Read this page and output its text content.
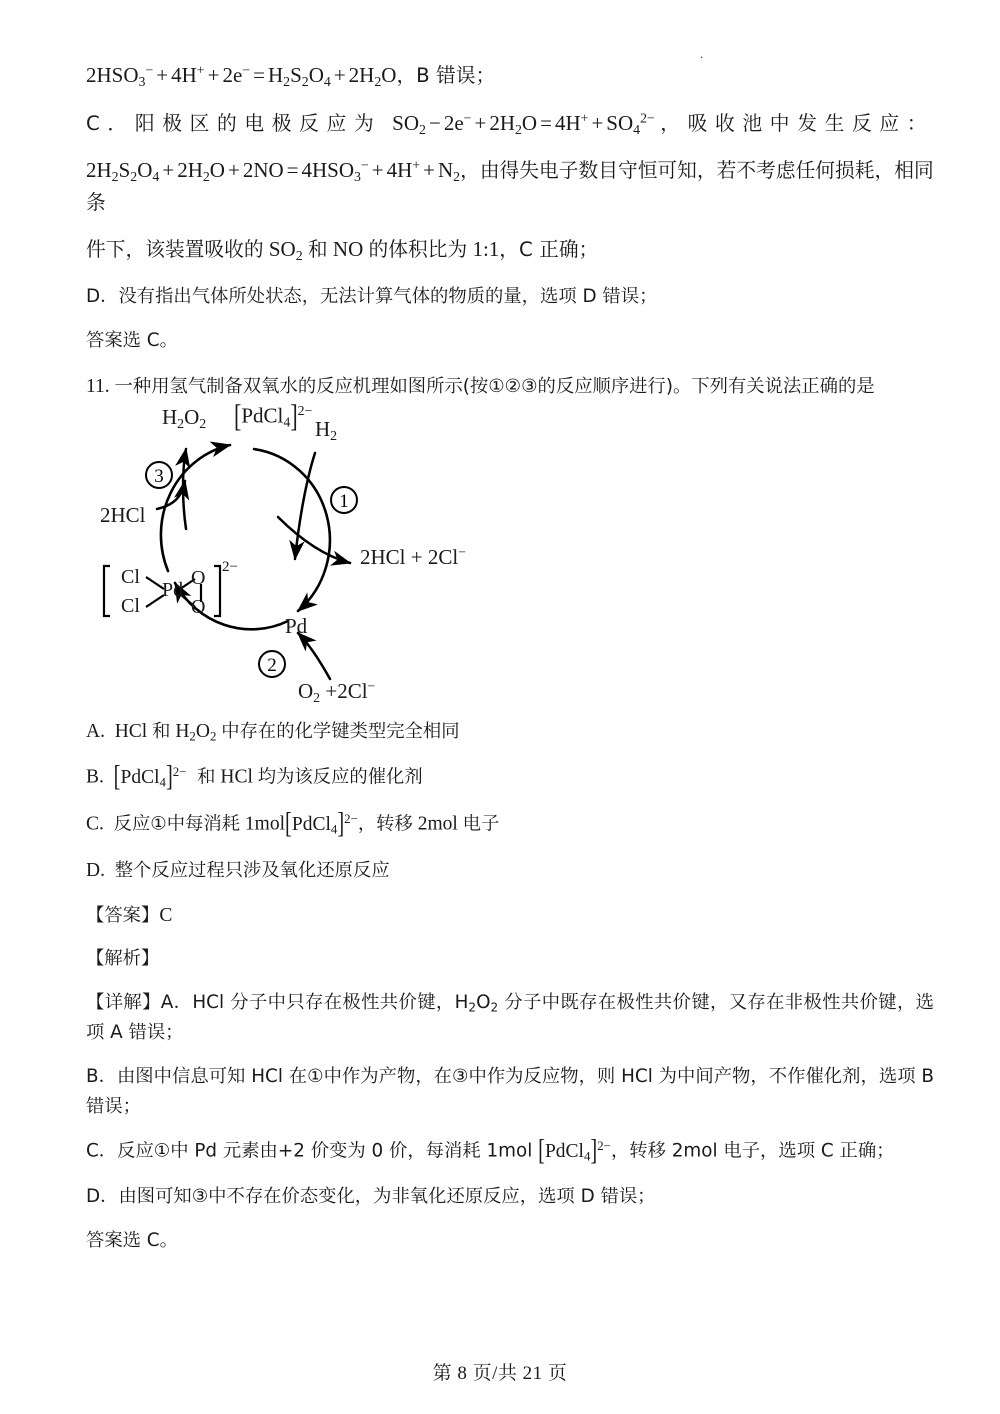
.
$2HSO_3^- + 4H^+ + 2e^- = H_2S_2O_4 + 2H_2O$，B 错误；
C．阳极区的电极反应为  $SO_2 - 2e^- + 2H_2O = 4H^+ + SO_4^{2-}$ ，吸收池中发生反应：
$2H_2S_2O_4 + 2H_2O + 2NO = 4HSO_3^- + 4H^+ + N_2$，由得失电子数目守恒可知，若不考虑任何损耗，相同条
件下，该装置吸收的 $SO_2$ 和 NO 的体积比为 1:1，C 正确；
D．没有指出气体所处状态，无法计算气体的物质的量，选项 D 错误；
答案选 C。
11. 一种用氢气制备双氧水的反应机理如图所示(按①②③的反应顺序进行)。下列有关说法正确的是
1
2
3
$H_2O_2$ [PdCl$_4$]$^{2-}$
$H_2$
2HCl + 2Cl−
Pd
$O_2 +2Cl^-$
2HCl
Cl
Cl
Pd
O
O
2−
A.  HCl 和 $H_2O_2$ 中存在的化学键类型完全相同
B. [PdCl$_4$]$^{2-}$  和 HCl 均为该反应的催化剂
C. 反应①中每消耗 1mol[PdCl$_4$]$^{2-}$，转移 2mol 电子
D. 整个反应过程只涉及氧化还原反应
【答案】C
【解析】
【详解】A．HCl 分子中只存在极性共价键，$H_2O_2$ 分子中既存在极性共价键，又存在非极性共价键，选项 A 错误；
B．由图中信息可知 HCl 在①中作为产物，在③中作为反应物，则 HCl 为中间产物，不作催化剂，选项 B 错误；
C．反应①中 Pd 元素由+2 价变为 0 价，每消耗 1mol [PdCl$_4$]$^{2-}$，转移 2mol 电子，选项 C 正确；
D．由图可知③中不存在价态变化，为非氧化还原反应，选项 D 错误；
答案选 C。
第 8 页/共 21 页
